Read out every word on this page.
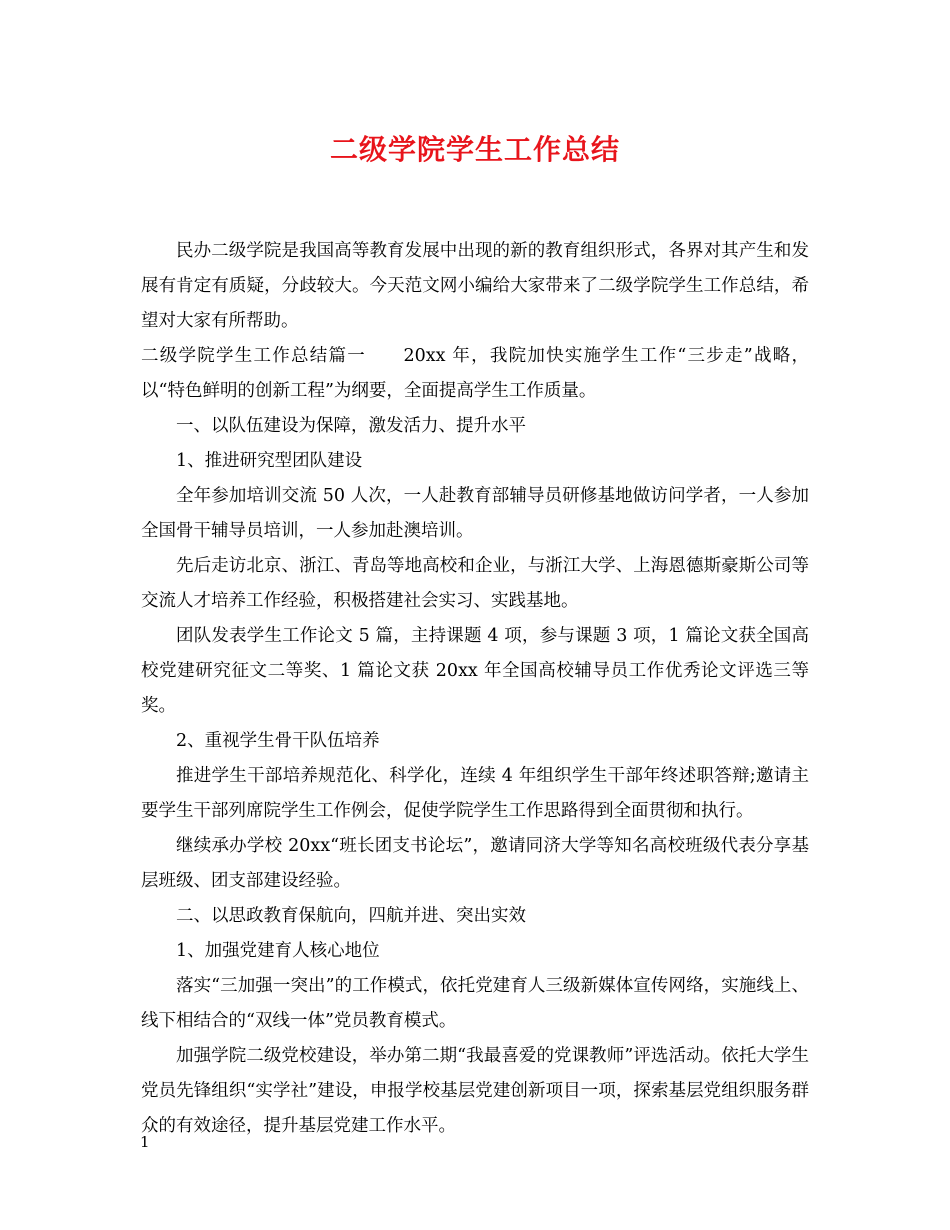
二级学院学生工作总结

民办二级学院是我国高等教育发展中出现的新的教育组织形式，各界对其产生和发展有肯定有质疑，分歧较大。今天范文网小编给大家带来了二级学院学生工作总结，希望对大家有所帮助。

二级学院学生工作总结篇一　　20xx 年，我院加快实施学生工作“三步走”战略，以“特色鲜明的创新工程”为纲要，全面提高学生工作质量。

一、以队伍建设为保障，激发活力、提升水平

1、推进研究型团队建设

全年参加培训交流 50 人次，一人赴教育部辅导员研修基地做访问学者，一人参加全国骨干辅导员培训，一人参加赴澳培训。

先后走访北京、浙江、青岛等地高校和企业，与浙江大学、上海恩德斯豪斯公司等交流人才培养工作经验，积极搭建社会实习、实践基地。

团队发表学生工作论文 5 篇，主持课题 4 项，参与课题 3 项，1 篇论文获全国高校党建研究征文二等奖、1 篇论文获 20xx 年全国高校辅导员工作优秀论文评选三等奖。

2、重视学生骨干队伍培养

推进学生干部培养规范化、科学化，连续 4 年组织学生干部年终述职答辩;邀请主要学生干部列席院学生工作例会，促使学院学生工作思路得到全面贯彻和执行。

继续承办学校 20xx“班长团支书论坛”，邀请同济大学等知名高校班级代表分享基层班级、团支部建设经验。

二、以思政教育保航向，四航并进、突出实效

1、加强党建育人核心地位

落实“三加强一突出”的工作模式，依托党建育人三级新媒体宣传网络，实施线上、线下相结合的“双线一体”党员教育模式。

加强学院二级党校建设，举办第二期“我最喜爱的党课教师”评选活动。依托大学生党员先锋组织“实学社”建设，申报学校基层党建创新项目一项，探索基层党组织服务群众的有效途径，提升基层党建工作水平。

1
